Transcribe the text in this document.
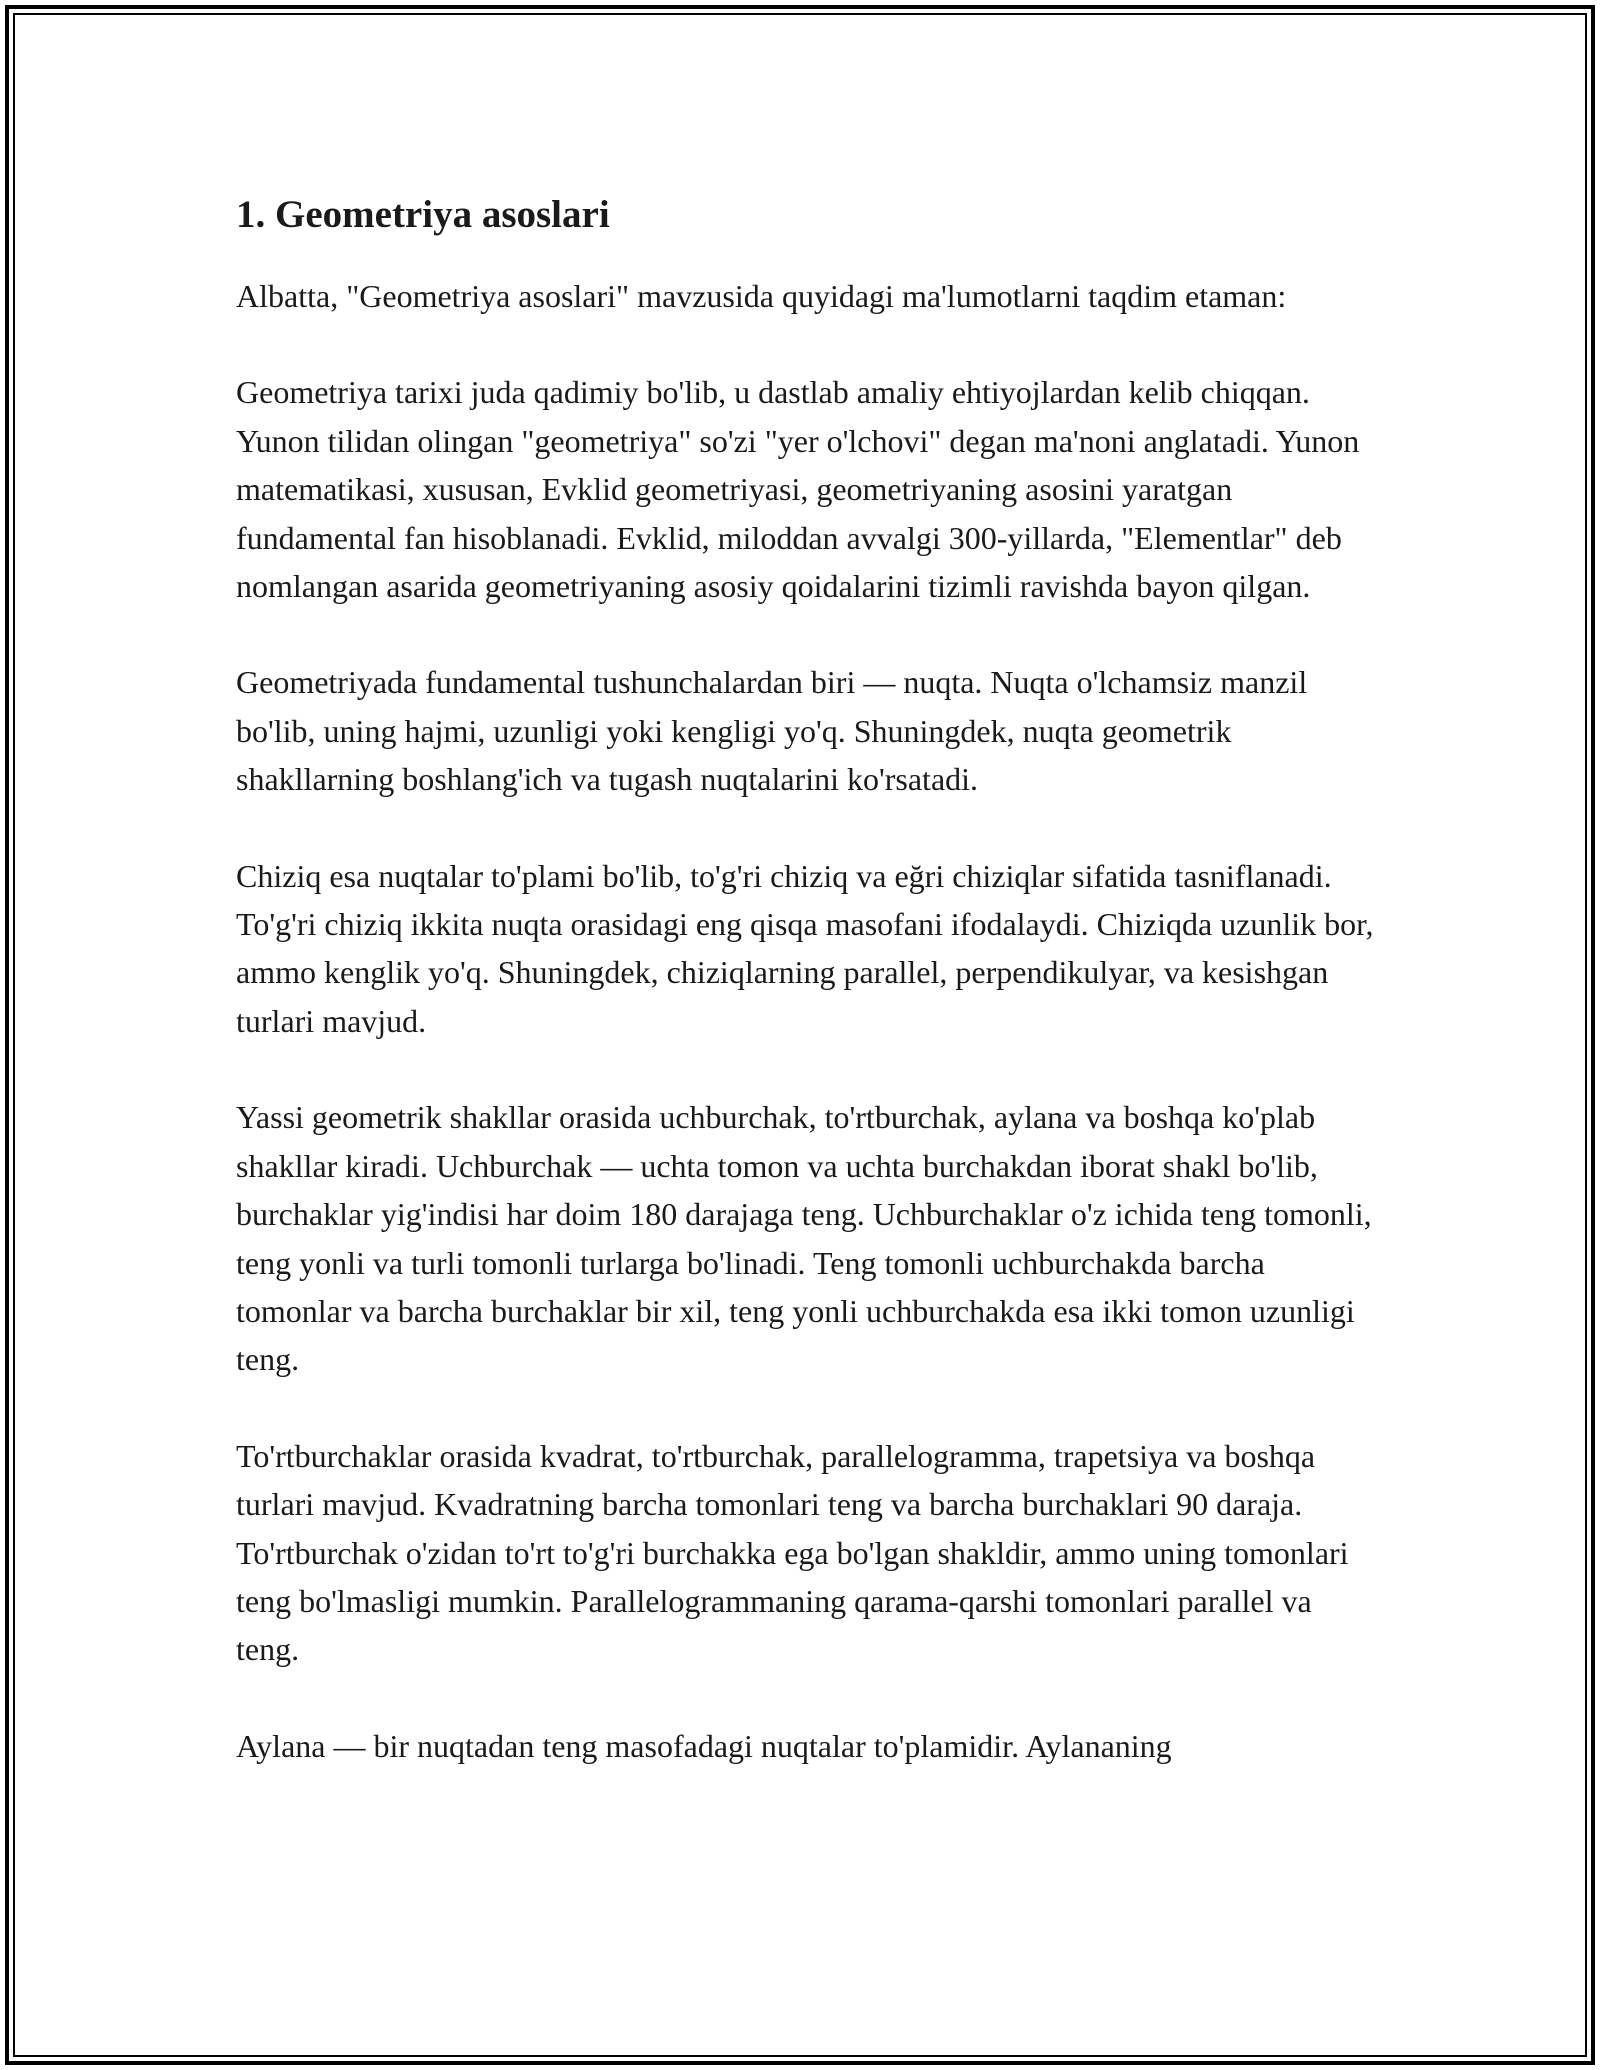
1. Geometriya asoslari

Albatta, "Geometriya asoslari" mavzusida quyidagi ma'lumotlarni taqdim etaman:

Geometriya tarixi juda qadimiy bo'lib, u dastlab amaliy ehtiyojlardan kelib chiqqan. Yunon tilidan olingan "geometriya" so'zi "yer o'lchovi" degan ma'noni anglatadi. Yunon matematikasi, xususan, Evklid geometriyasi, geometriyaning asosini yaratgan fundamental fan hisoblanadi. Evklid, miloddan avvalgi 300-yillarda, "Elementlar" deb nomlangan asarida geometriyaning asosiy qoidalarini tizimli ravishda bayon qilgan.

Geometriyada fundamental tushunchalardan biri — nuqta. Nuqta o'lchamsiz manzil bo'lib, uning hajmi, uzunligi yoki kengligi yo'q. Shuningdek, nuqta geometrik shakllarning boshlang'ich va tugash nuqtalarini ko'rsatadi.

Chiziq esa nuqtalar to'plami bo'lib, to'g'ri chiziq va eğri chiziqlar sifatida tasniflanadi. To'g'ri chiziq ikkita nuqta orasidagi eng qisqa masofani ifodalaydi. Chiziqda uzunlik bor, ammo kenglik yo'q. Shuningdek, chiziqlarning parallel, perpendikulyar, va kesishgan turlari mavjud.

Yassi geometrik shakllar orasida uchburchak, to'rtburchak, aylana va boshqa ko'plab shakllar kiradi. Uchburchak — uchta tomon va uchta burchakdan iborat shakl bo'lib, burchaklar yig'indisi har doim 180 darajaga teng. Uchburchaklar o'z ichida teng tomonli, teng yonli va turli tomonli turlarga bo'linadi. Teng tomonli uchburchakda barcha tomonlar va barcha burchaklar bir xil, teng yonli uchburchakda esa ikki tomon uzunligi teng.

To'rtburchaklar orasida kvadrat, to'rtburchak, parallelogramma, trapetsiya va boshqa turlari mavjud. Kvadratning barcha tomonlari teng va barcha burchaklari 90 daraja. To'rtburchak o'zidan to'rt to'g'ri burchakka ega bo'lgan shakldir, ammo uning tomonlari teng bo'lmasligi mumkin. Parallelogrammaning qarama-qarshi tomonlari parallel va teng.

Aylana — bir nuqtadan teng masofadagi nuqtalar to'plamidir. Aylananing
